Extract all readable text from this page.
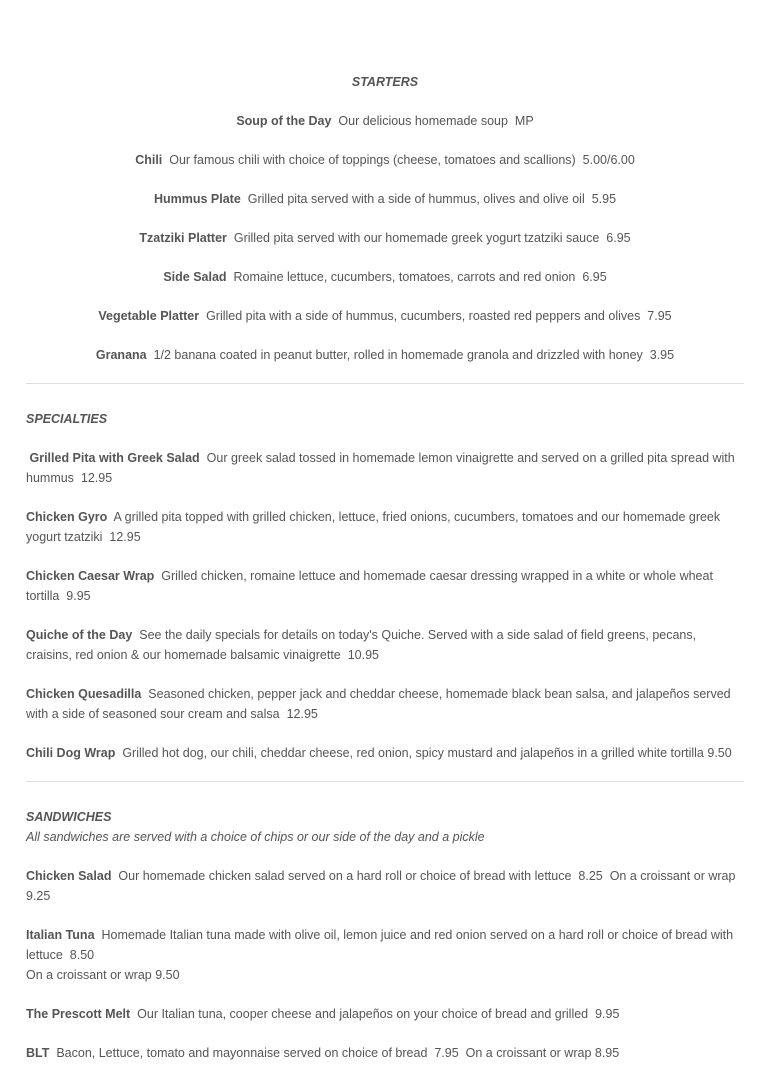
STARTERS

Soup of the Day Our delicious homemade soup MP

Chili Our famous chili with choice of toppings (cheese, tomatoes and scallions) 5.00/6.00

Hummus Plate Grilled pita served with a side of hummus, olives and olive oil 5.95

Tzatziki Platter Grilled pita served with our homemade greek yogurt tzatziki sauce 6.95

Side Salad Romaine lettuce, cucumbers, tomatoes, carrots and red onion 6.95

Vegetable Platter Grilled pita with a side of hummus, cucumbers, roasted red peppers and olives 7.95

Granana 1/2 banana coated in peanut butter, rolled in homemade granola and drizzled with honey 3.95

SPECIALTIES

Grilled Pita with Greek Salad Our greek salad tossed in homemade lemon vinaigrette and served on a grilled pita spread with hummus 12.95

Chicken Gyro A grilled pita topped with grilled chicken, lettuce, fried onions, cucumbers, tomatoes and our homemade greek yogurt tzatziki 12.95

Chicken Caesar Wrap Grilled chicken, romaine lettuce and homemade caesar dressing wrapped in a white or whole wheat tortilla 9.95

Quiche of the Day See the daily specials for details on today's Quiche. Served with a side salad of field greens, pecans, craisins, red onion & our homemade balsamic vinaigrette 10.95

Chicken Quesadilla Seasoned chicken, pepper jack and cheddar cheese, homemade black bean salsa, and jalapeños served with a side of seasoned sour cream and salsa 12.95

Chili Dog Wrap Grilled hot dog, our chili, cheddar cheese, red onion, spicy mustard and jalapeños in a grilled white tortilla 9.50

SANDWICHES

All sandwiches are served with a choice of chips or our side of the day and a pickle

Chicken Salad Our homemade chicken salad served on a hard roll or choice of bread with lettuce 8.25 On a croissant or wrap 9.25

Italian Tuna Homemade Italian tuna made with olive oil, lemon juice and red onion served on a hard roll or choice of bread with lettuce 8.50

On a croissant or wrap 9.50

The Prescott Melt Our Italian tuna, cooper cheese and jalapeños on your choice of bread and grilled 9.95

BLT Bacon, Lettuce, tomato and mayonnaise served on choice of bread 7.95 On a croissant or wrap 8.95
